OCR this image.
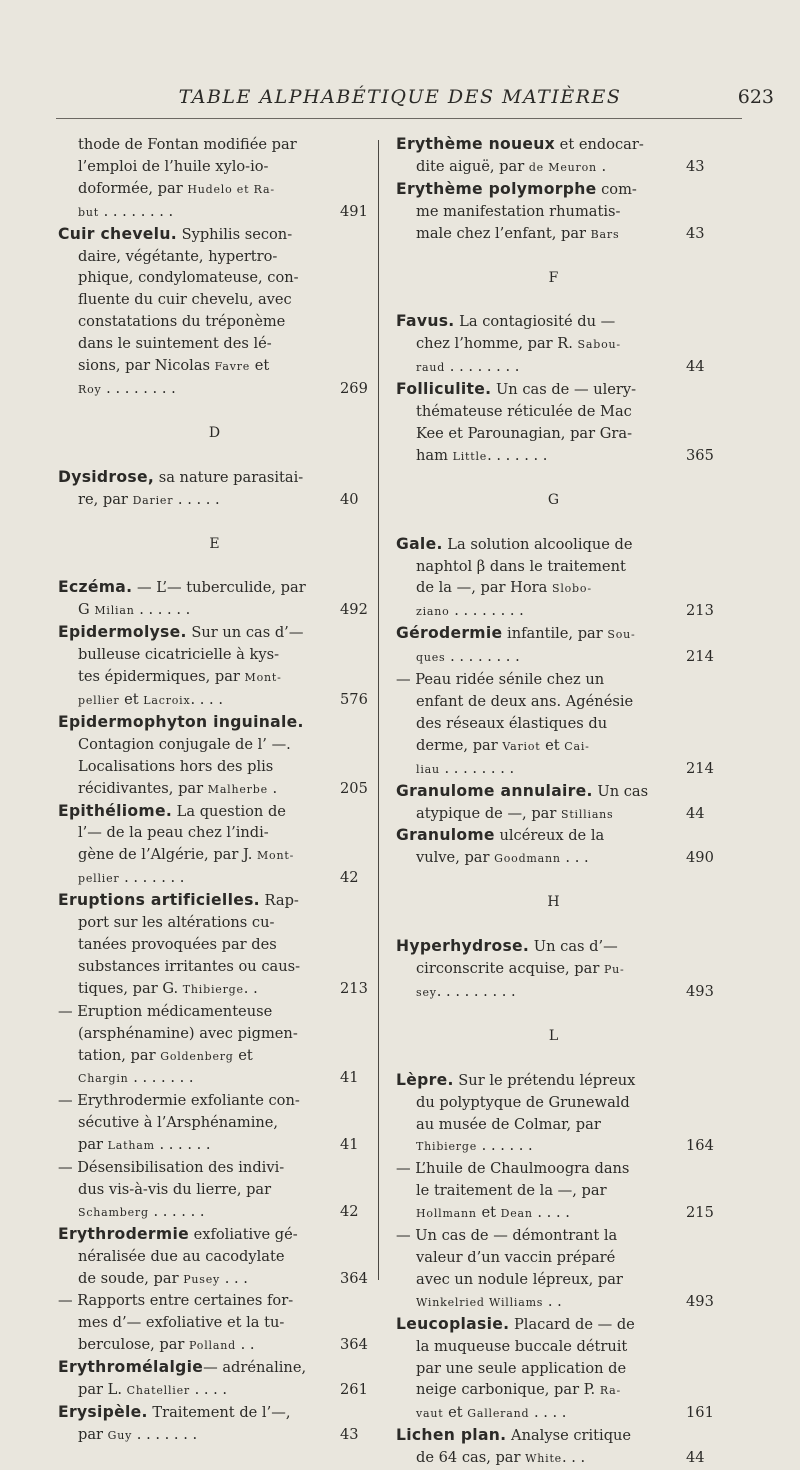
TABLE ALPHABÉTIQUE DES MATIÈRES	623
thode de Fontan modifiée par
l’emploi de l’huile xylo-io-
doformée, par Hudelo et Ra-
but . . . . . . . .	491
Cuir chevelu. Syphilis secon-
daire, végétante, hypertro-
phique, condylomateuse, con-
fluente du cuir chevelu, avec
constatations du tréponème
dans le suintement des lé-
sions, par Nicolas Favre et
Roy . . . . . . . .	269
D
Dysidrose, sa nature parasitai-
re, par Darier . . . . .	40
E
Eczéma. — L’— tuberculide, par
G Milian . . . . . .	492
Epidermolyse. Sur un cas d’—
bulleuse cicatricielle à kys-
tes épidermiques, par Mont-
pellier et Lacroix. . . .	576
Epidermophyton inguinale.
Contagion conjugale de l’ —.
Localisations hors des plis
récidivantes, par Malherbe .	205
Epithéliome. La question de
l’— de la peau chez l’indi-
gène de l’Algérie, par J. Mont-
pellier . . . . . . .	42
Eruptions artificielles. Rap-
port sur les altérations cu-
tanées provoquées par des
substances irritantes ou caus-
tiques, par G. Thibierge. .	213
— Eruption médicamenteuse
(arsphénamine) avec pigmen-
tation, par Goldenberg et
Chargin . . . . . . .	41
— Erythrodermie exfoliante con-
sécutive à l’Arsphénamine,
par Latham . . . . . .	41
— Désensibilisation des indivi-
dus vis-à-vis du lierre, par
Schamberg . . . . . .	42
Erythrodermie exfoliative gé-
néralisée due au cacodylate
de soude, par Pusey . . .	364
— Rapports entre certaines for-
mes d’— exfoliative et la tu-
berculose, par Polland . .	364
Erythromélalgie— adrénaline,
par L. Chatellier . . . .	261
Erysipèle. Traitement de l’—,
par Guy . . . . . . .	43
Erythème noueux et endocar-
dite aiguë, par de Meuron .	43
Erythème polymorphe com-
me manifestation rhumatis-
male chez l’enfant, par Bars	43
F
Favus. La contagiosité du —
chez l’homme, par R. Sabou-
raud . . . . . . . .	44
Folliculite. Un cas de — ulery-
thémateuse réticulée de Mac
Kee et Parounagian, par Gra-
ham Little. . . . . . .	365
G
Gale. La solution alcoolique de
naphtol β dans le traitement
de la —, par Hora Slobo-
ziano . . . . . . . .	213
Gérodermie infantile, par Sou-
ques . . . . . . . .	214
— Peau ridée sénile chez un
enfant de deux ans. Agénésie
des réseaux élastiques du
derme, par Variot et Cai-
liau . . . . . . . .	214
Granulome annulaire. Un cas
atypique de —, par Stillians	44
Granulome ulcéreux de la
vulve, par Goodmann . . .	490
H
Hyperhydrose. Un cas d’—
circonscrite acquise, par Pu-
sey. . . . . . . . .	493
L
Lèpre. Sur le prétendu lépreux
du polyptyque de Grunewald
au musée de Colmar, par
Thibierge . . . . . .	164
— L’huile de Chaulmoogra dans
le traitement de la —, par
Hollmann et Dean . . . .	215
— Un cas de — démontrant la
valeur d’un vaccin préparé
avec un nodule lépreux, par
Winkelried Williams . .	493
Leucoplasie. Placard de — de
la muqueuse buccale détruit
par une seule application de
neige carbonique, par P. Ra-
vaut et Gallerand . . . .	161
Lichen plan. Analyse critique
de 64 cas, par White. . .	44
